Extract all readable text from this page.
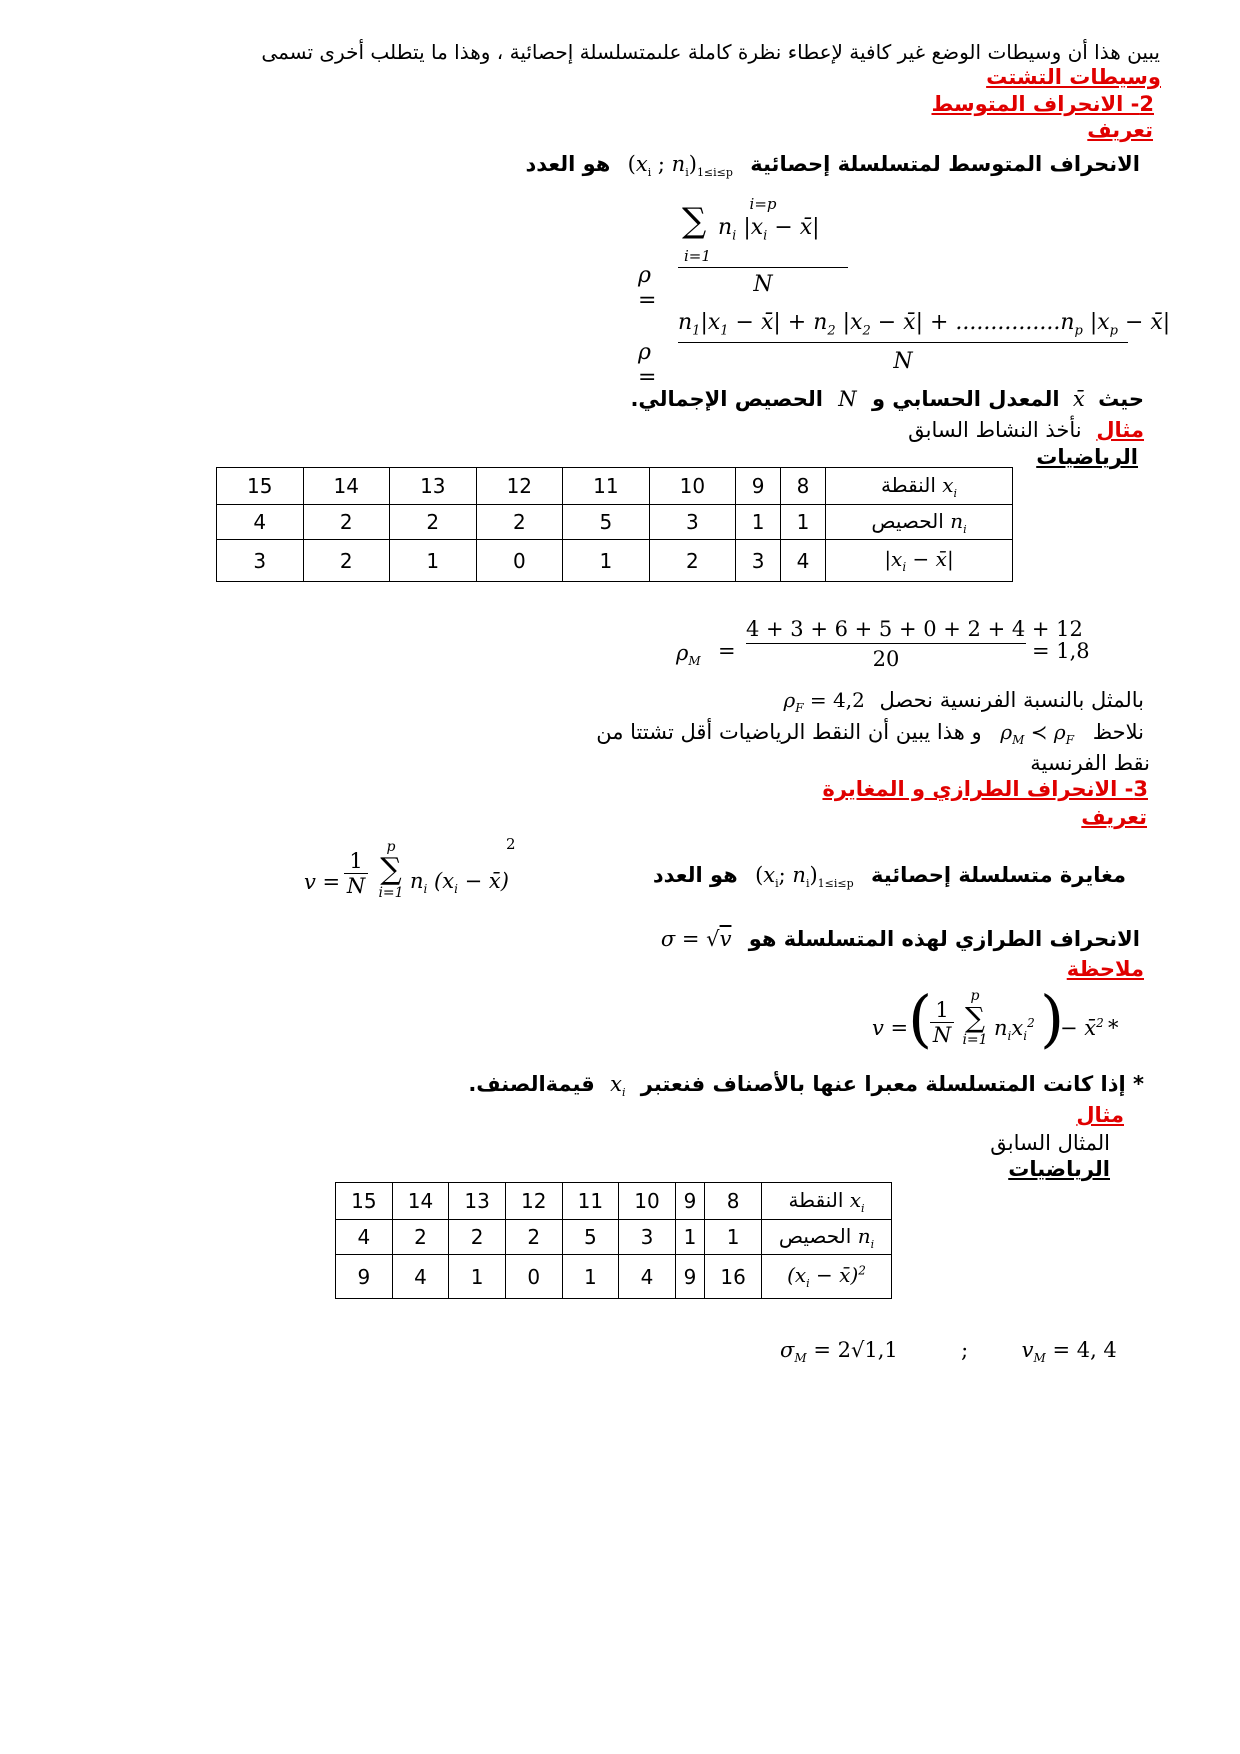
يبين هذا أن وسيطات الوضع غير كافية لإعطاء نظرة كاملة علىمتسلسلة إحصائية ، وهذا ما يتطلب أخرى تسمى
وسيطات التشتت
2- الانحراف المتوسط
تعريف
الانحراف المتوسط لمتسلسلة إحصائية ($x_i$ ; $n_i)_{1\le i\le p}$ هو العدد
ρ =
i=p
∑ $n_i$ $|x_i$ − x̄|
i=1
N
ρ =
$n_1|x_1$ − x̄| + $n_2$ $|x_2$ − x̄| + $...............n_p$ $|x_p$ − x̄|
N
حيث x̄ المعدل الحسابي و N الحصيص الإجمالي.
مثال نأخذ النشاط السابق
الرياضيات
15	14	13	12	11	10	9	8	النقطة $x_i$
4	2	2	2	5	3	1	1	الحصيص $n_i$
3	2	1	0	1	2	3	4	$|x_i$ − x̄|
$\rho_M$ =
4 + 3 + 6 + 5 + 0 + 2 + 4 + 12
20	= 1,8
بالمثل بالنسبة الفرنسية نحصل $\rho_F = 4,2$
نلاحظ $\rho_M$ ≺ $\rho_F$ و هذا يبين أن النقط الرياضيات أقل تشتتا من
نقط الفرنسية
3- الانحراف الطرازي و المغايرة
تعريف
v =
1
N
p
∑
i=1 $n_i$ ($x_i$ − x̄)
2
مغايرة متسلسلة إحصائية ($x_i$; $n_i)_{1\le i\le p}$ هو العدد
الانحراف الطرازي لهذه المتسلسلة هو σ = √v
ملاحظة
v = ( 1
N
p
∑
i=1 $n_ix_i^2$ )
− x̄$^2$ *
* إذا كانت المتسلسلة معبرا عنها بالأصناف فنعتبر $x_i$ قيمةالصنف.
مثال
المثال السابق
الرياضيات
15	14	13	12	11	10	9	8	النقطة $x_i$
4	2	2	2	5	3	1	1	الحصيص $n_i$
9	4	1	0	1	4	9	16	($x_i$ − x̄)$^2$
$\sigma_M = 2√1,1$	;	$v_M = 4$, 4
